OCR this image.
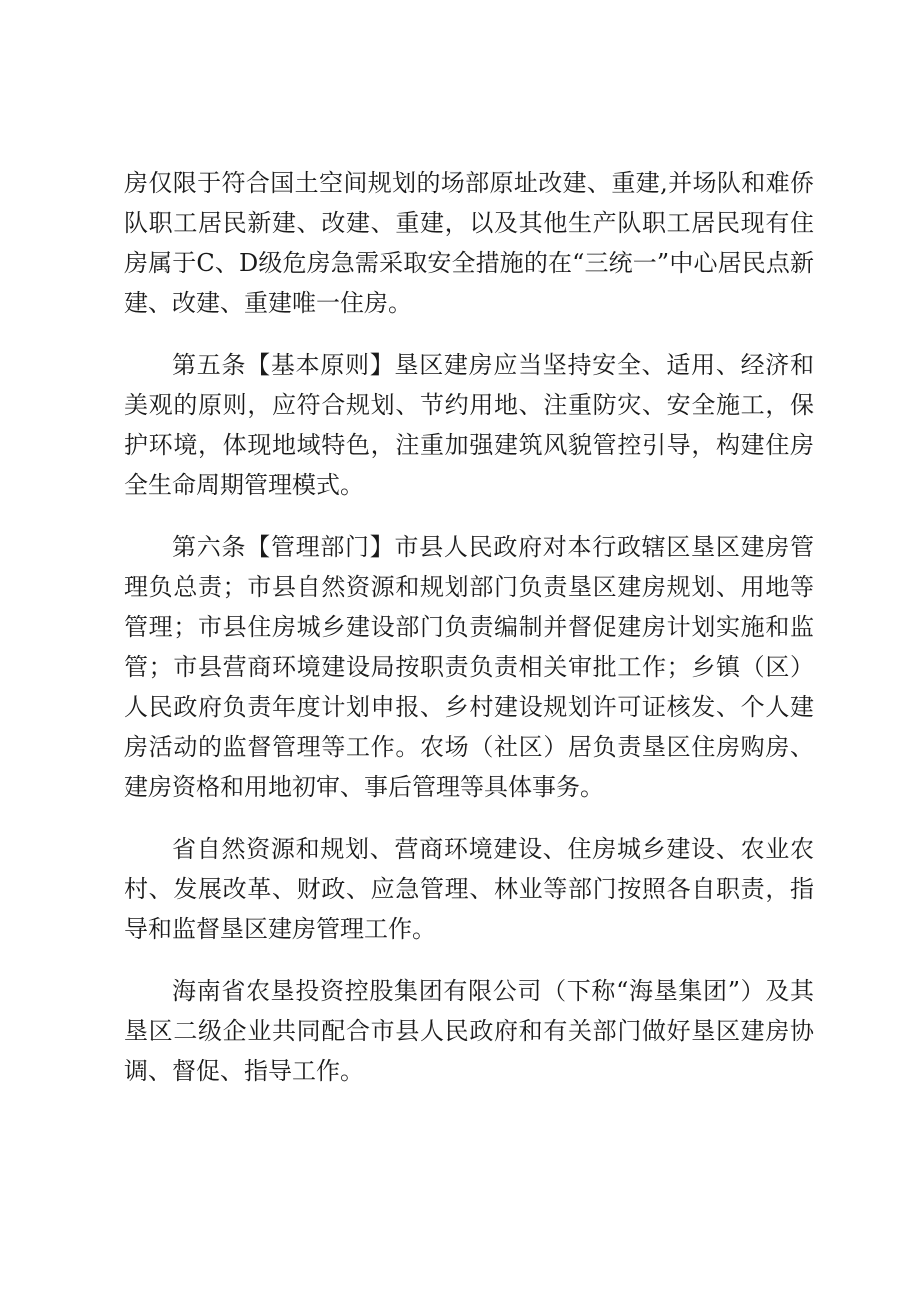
房仅限于符合国土空间规划的场部原址改建、重建,并场队和难侨队职工居民新建、改建、重建，以及其他生产队职工居民现有住房属于C、D级危房急需采取安全措施的在“三统一”中心居民点新建、改建、重建唯一住房。

第五条【基本原则】垦区建房应当坚持安全、适用、经济和美观的原则，应符合规划、节约用地、注重防灾、安全施工，保护环境，体现地域特色，注重加强建筑风貌管控引导，构建住房全生命周期管理模式。

第六条【管理部门】市县人民政府对本行政辖区垦区建房管理负总责；市县自然资源和规划部门负责垦区建房规划、用地等管理；市县住房城乡建设部门负责编制并督促建房计划实施和监管；市县营商环境建设局按职责负责相关审批工作；乡镇（区）人民政府负责年度计划申报、乡村建设规划许可证核发、个人建房活动的监督管理等工作。农场（社区）居负责垦区住房购房、建房资格和用地初审、事后管理等具体事务。

省自然资源和规划、营商环境建设、住房城乡建设、农业农村、发展改革、财政、应急管理、林业等部门按照各自职责，指导和监督垦区建房管理工作。

海南省农垦投资控股集团有限公司（下称“海垦集团”）及其垦区二级企业共同配合市县人民政府和有关部门做好垦区建房协调、督促、指导工作。
